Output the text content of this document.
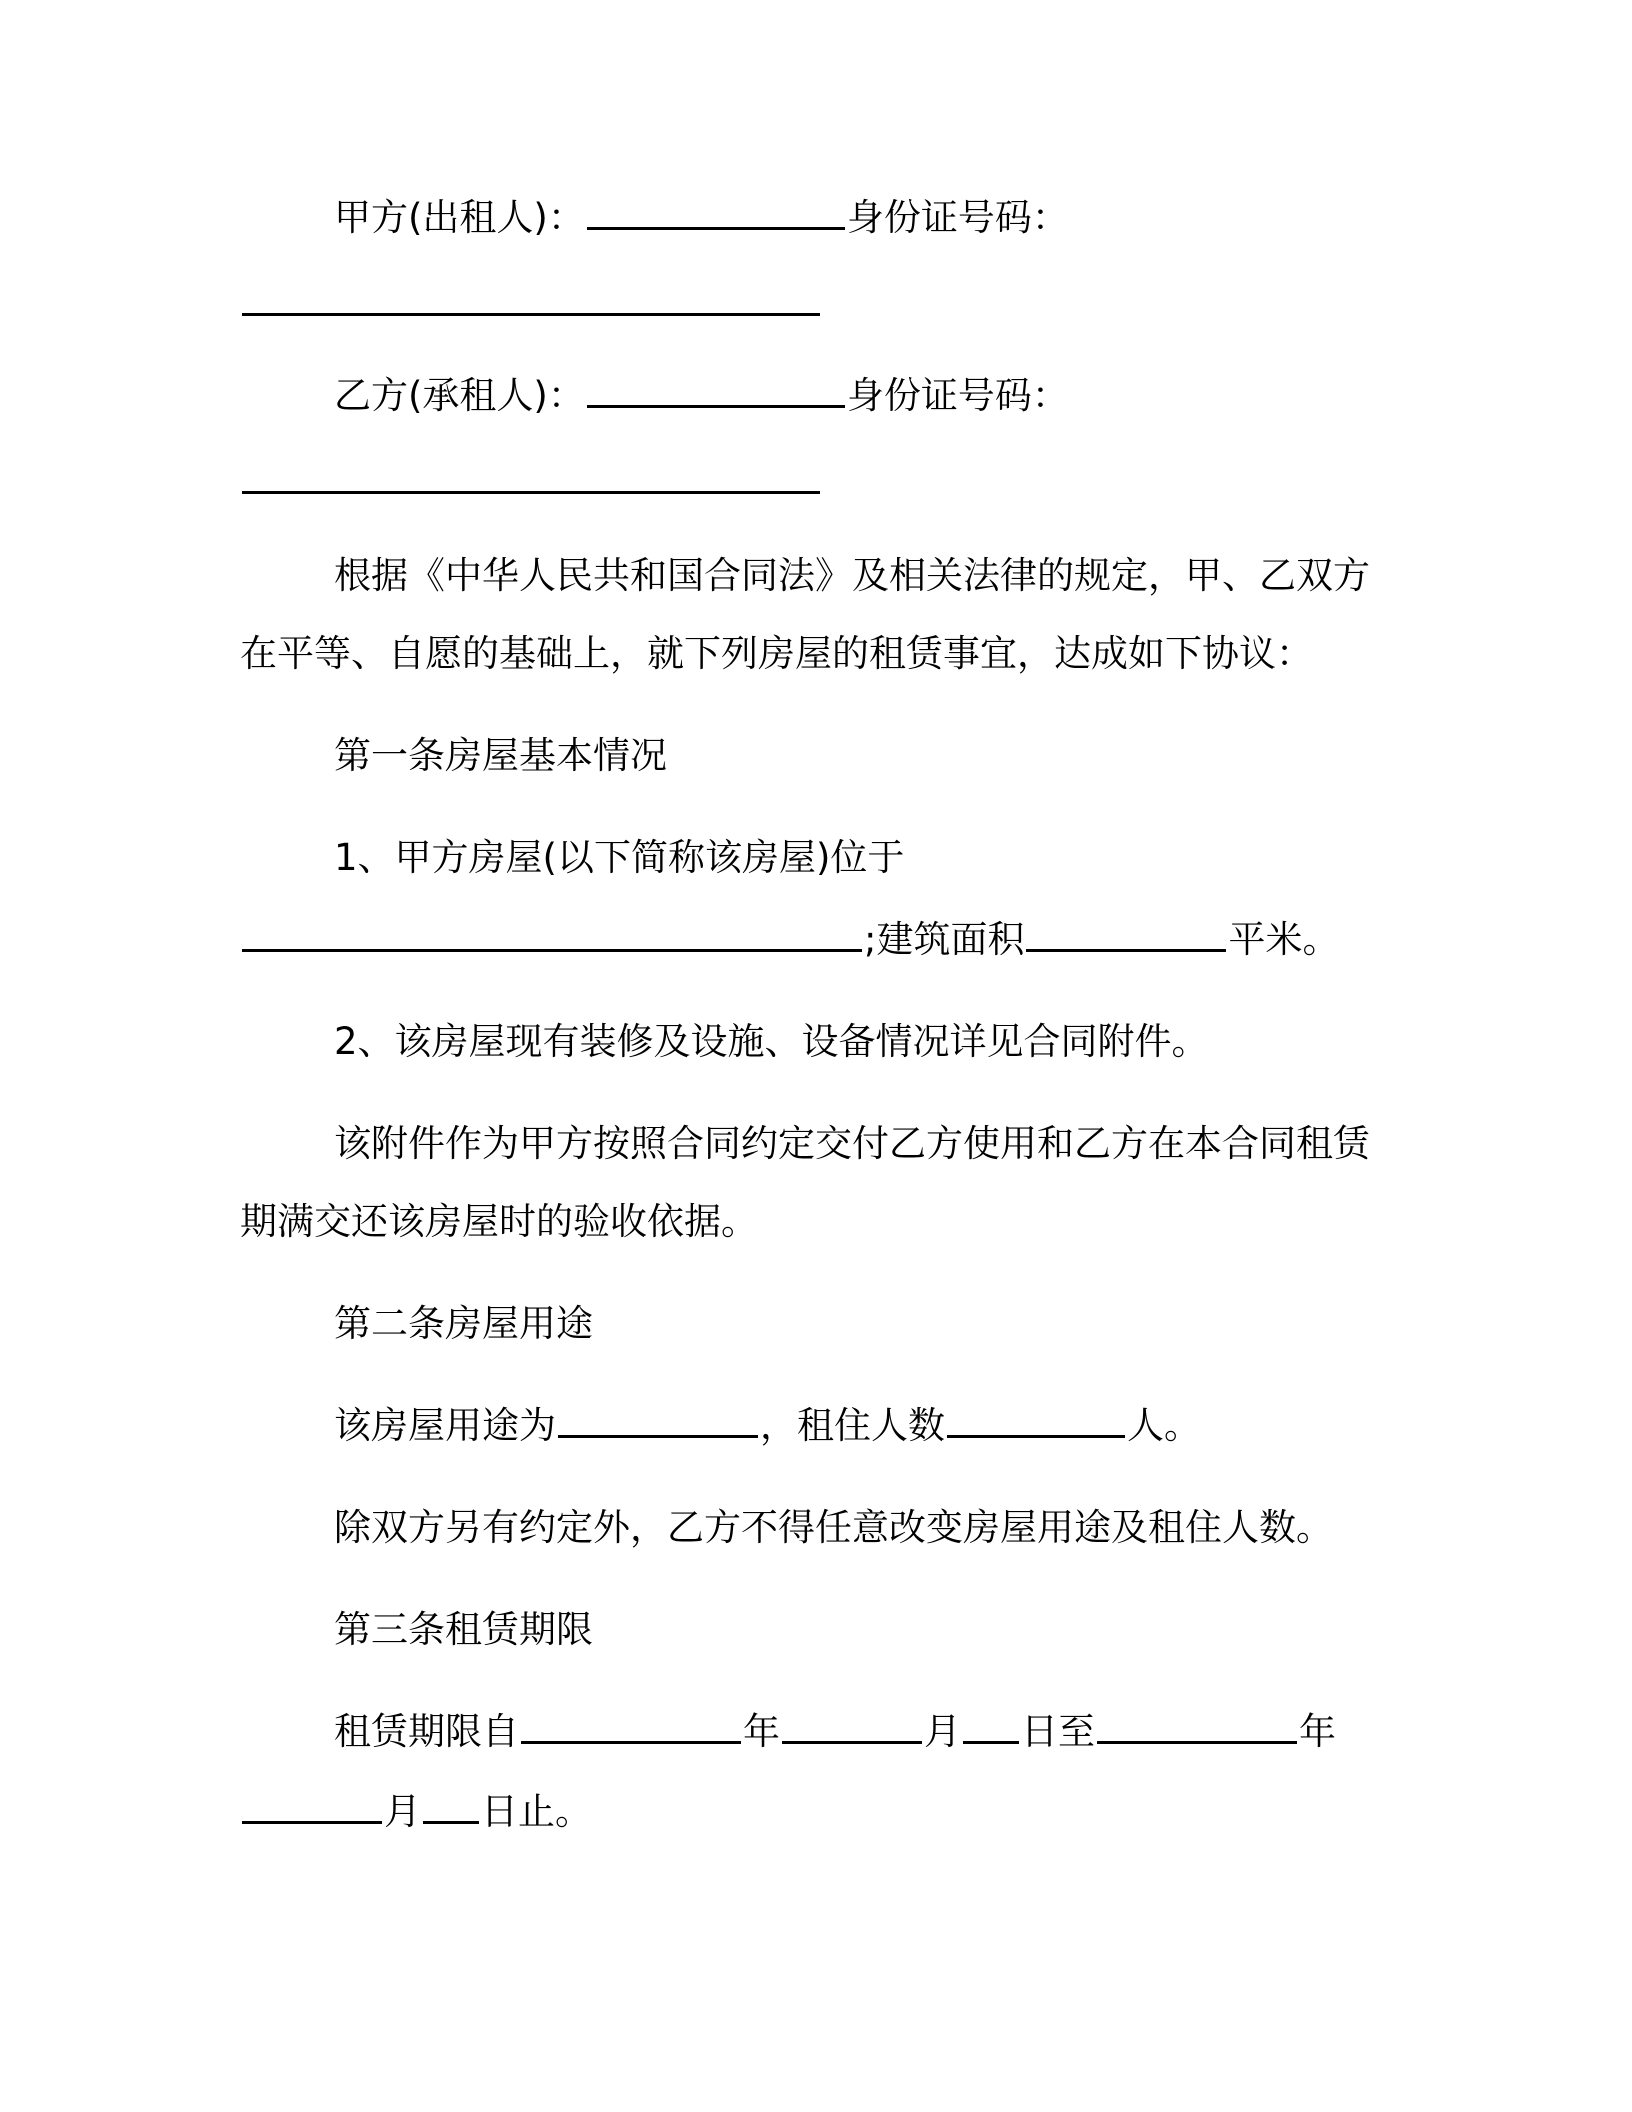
甲方(出租人)：	身份证号码：
乙方(承租人)：	身份证号码：
根据《中华人民共和国合同法》及相关法律的规定，甲、乙双方
在平等、自愿的基础上，就下列房屋的租赁事宜，达成如下协议：
第一条房屋基本情况
1、甲方房屋(以下简称该房屋)位于
;建筑面积	平米。
2、该房屋现有装修及设施、设备情况详见合同附件。
该附件作为甲方按照合同约定交付乙方使用和乙方在本合同租赁
期满交还该房屋时的验收依据。
第二条房屋用途
该房屋用途为	，租住人数	人。
除双方另有约定外，乙方不得任意改变房屋用途及租住人数。
第三条租赁期限
租赁期限自	年	月 日至	年
月 日止。
